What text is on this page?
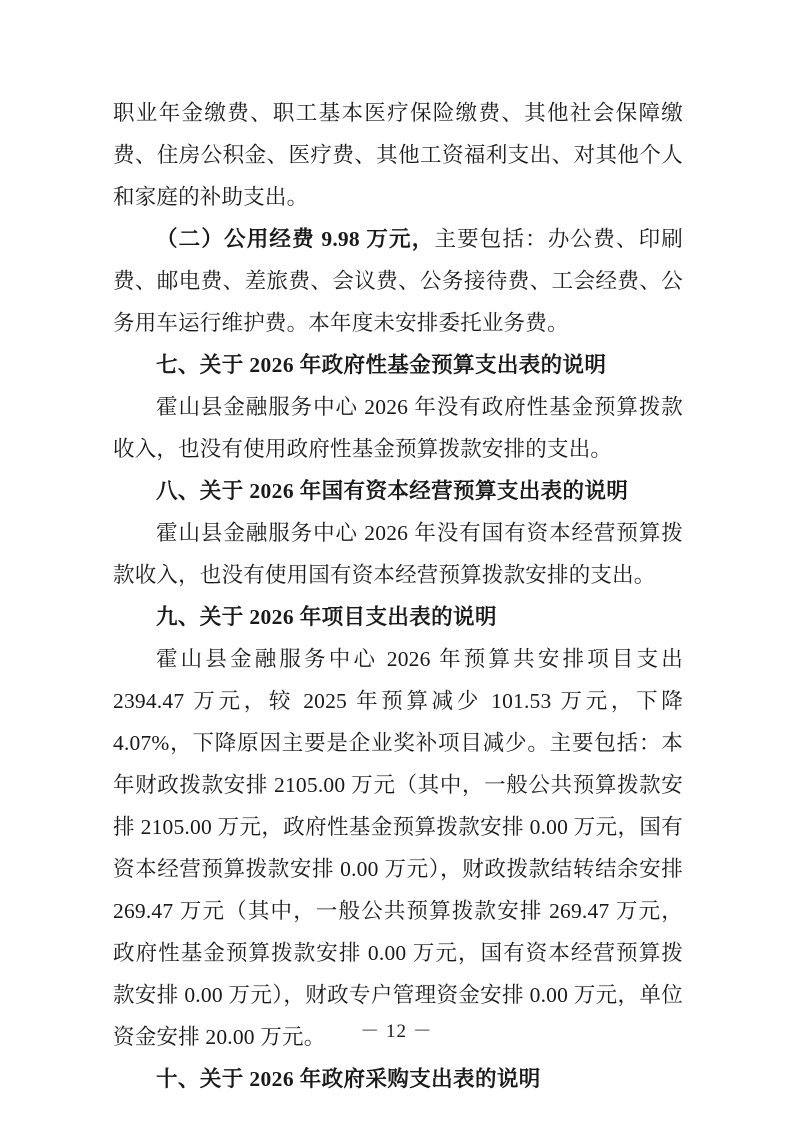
职业年金缴费、职工基本医疗保险缴费、其他社会保障缴费、住房公积金、医疗费、其他工资福利支出、对其他个人和家庭的补助支出。

（二）公用经费 9.98 万元，主要包括：办公费、印刷费、邮电费、差旅费、会议费、公务接待费、工会经费、公务用车运行维护费。本年度未安排委托业务费。

七、关于 2026 年政府性基金预算支出表的说明

霍山县金融服务中心 2026 年没有政府性基金预算拨款收入，也没有使用政府性基金预算拨款安排的支出。

八、关于 2026 年国有资本经营预算支出表的说明

霍山县金融服务中心 2026 年没有国有资本经营预算拨款收入，也没有使用国有资本经营预算拨款安排的支出。

九、关于 2026 年项目支出表的说明

霍山县金融服务中心 2026 年预算共安排项目支出 2394.47 万元，较 2025 年预算减少 101.53 万元，下降 4.07%，下降原因主要是企业奖补项目减少。主要包括：本年财政拨款安排 2105.00 万元（其中，一般公共预算拨款安排 2105.00 万元，政府性基金预算拨款安排 0.00 万元，国有资本经营预算拨款安排 0.00 万元），财政拨款结转结余安排 269.47 万元（其中，一般公共预算拨款安排 269.47 万元，政府性基金预算拨款安排 0.00 万元，国有资本经营预算拨款安排 0.00 万元），财政专户管理资金安排 0.00 万元，单位资金安排 20.00 万元。

十、关于 2026 年政府采购支出表的说明

－ 12 －
